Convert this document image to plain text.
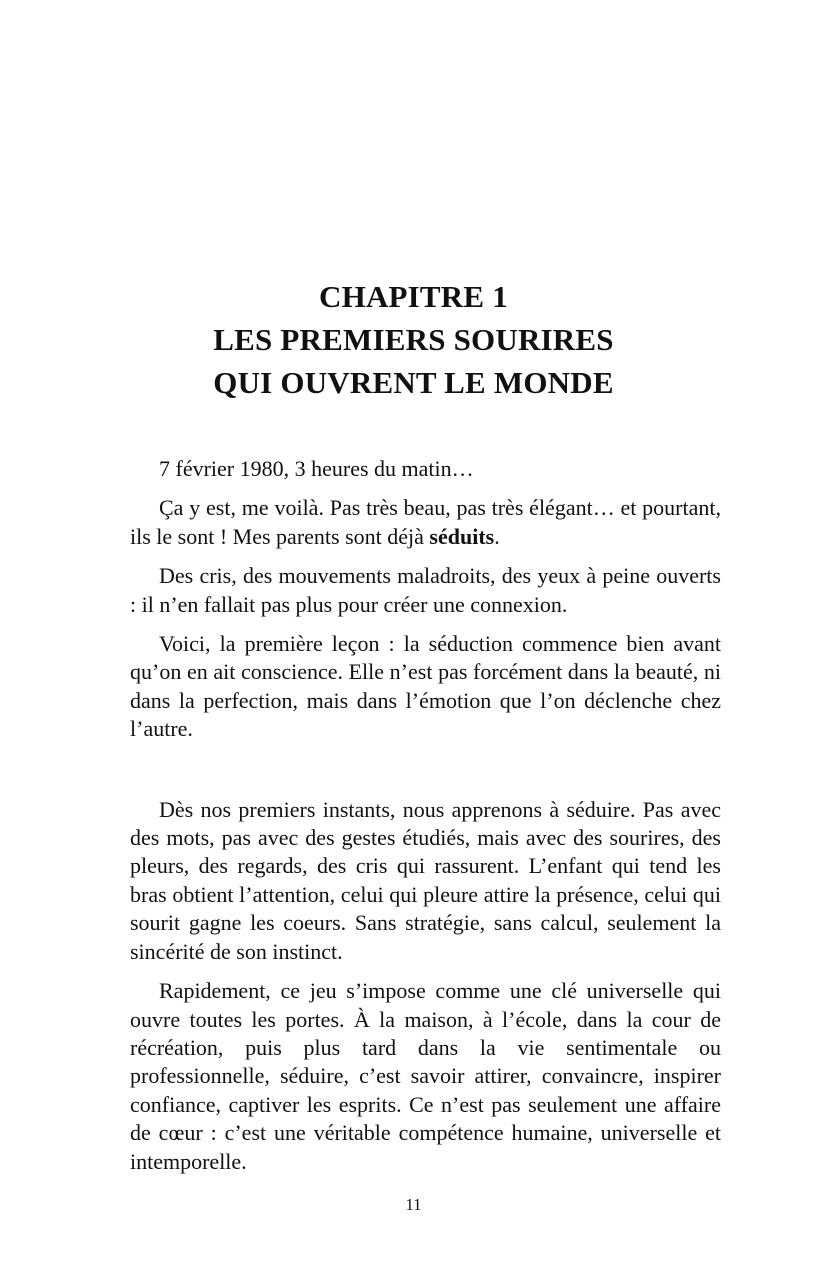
CHAPITRE 1
LES PREMIERS SOURIRES
QUI OUVRENT LE MONDE

7 février 1980, 3 heures du matin…

Ça y est, me voilà. Pas très beau, pas très élégant… et pourtant, ils le sont ! Mes parents sont déjà séduits.

Des cris, des mouvements maladroits, des yeux à peine ouverts : il n’en fallait pas plus pour créer une connexion.

Voici, la première leçon : la séduction commence bien avant qu’on en ait conscience. Elle n’est pas forcément dans la beauté, ni dans la perfection, mais dans l’émotion que l’on déclenche chez l’autre.

Dès nos premiers instants, nous apprenons à séduire. Pas avec des mots, pas avec des gestes étudiés, mais avec des sourires, des pleurs, des regards, des cris qui rassurent. L’enfant qui tend les bras obtient l’attention, celui qui pleure attire la présence, celui qui sourit gagne les coeurs. Sans stratégie, sans calcul, seulement la sincérité de son instinct.

Rapidement, ce jeu s’impose comme une clé universelle qui ouvre toutes les portes. À la maison, à l’école, dans la cour de récréation, puis plus tard dans la vie sentimentale ou professionnelle, séduire, c’est savoir attirer, convaincre, inspirer confiance, captiver les esprits. Ce n’est pas seulement une affaire de cœur : c’est une véritable compétence humaine, universelle et intemporelle.

11
